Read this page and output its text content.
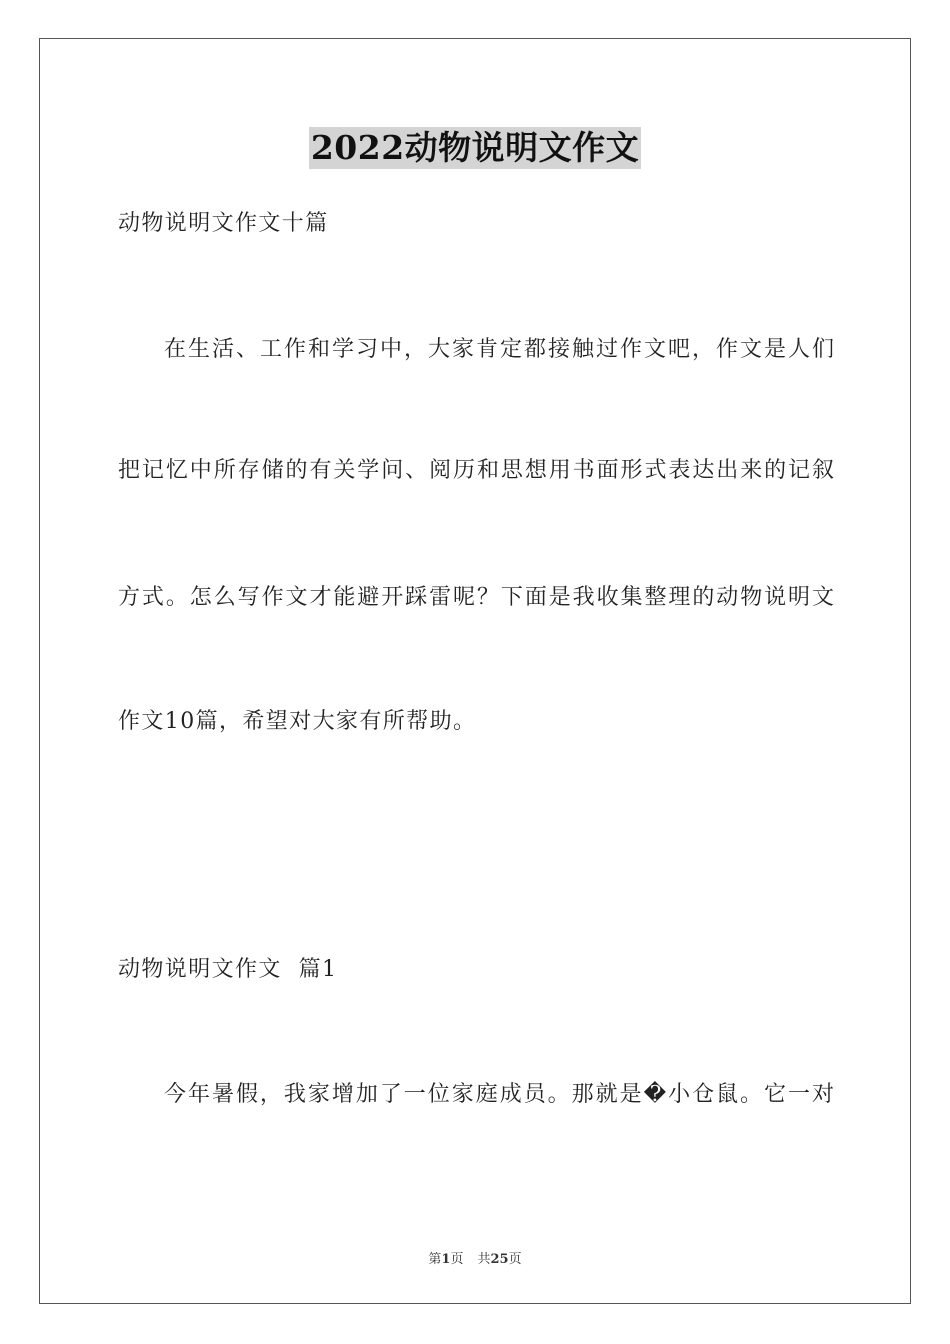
2022动物说明文作文

动物说明文作文十篇

在生活、工作和学习中，大家肯定都接触过作文吧，作文是人们

把记忆中所存储的有关学问、阅历和思想用书面形式表达出来的记叙

方式。怎么写作文才能避开踩雷呢？下面是我收集整理的动物说明文

作文10篇，希望对大家有所帮助。

动物说明文作文  篇1

今年暑假，我家增加了一位家庭成员。那就是�小仓鼠。它一对

第1页 共25页
